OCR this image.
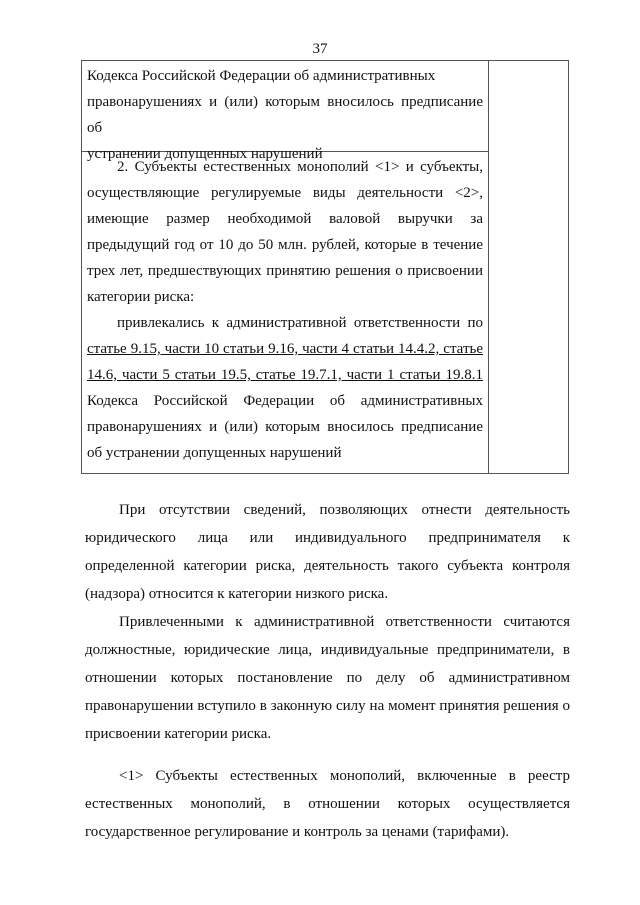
37

Кодекса Российской Федерации об административных

правонарушениях и (или) которым вносилось предписание об

устранении допущенных нарушений

2. Субъекты естественных монополий <1> и субъекты, осуществляющие регулируемые виды деятельности <2>, имеющие размер необходимой валовой выручки за предыдущий год от 10 до 50 млн. рублей, которые в течение трех лет, предшествующих принятию решения о присвоении категории риска:

привлекались к административной ответственности по статье 9.15, части 10 статьи 9.16, части 4 статьи 14.4.2, статье 14.6, части 5 статьи 19.5, статье 19.7.1, части 1 статьи 19.8.1 Кодекса Российской Федерации об административных правонарушениях и (или) которым вносилось предписание об устранении допущенных нарушений

При отсутствии сведений, позволяющих отнести деятельность юридического лица или индивидуального предпринимателя к определенной категории риска, деятельность такого субъекта контроля (надзора) относится к категории низкого риска.

Привлеченными к административной ответственности считаются должностные, юридические лица, индивидуальные предприниматели, в отношении которых постановление по делу об административном правонарушении вступило в законную силу на момент принятия решения о присвоении категории риска.

<1> Субъекты естественных монополий, включенные в реестр естественных монополий, в отношении которых осуществляется государственное регулирование и контроль за ценами (тарифами).
